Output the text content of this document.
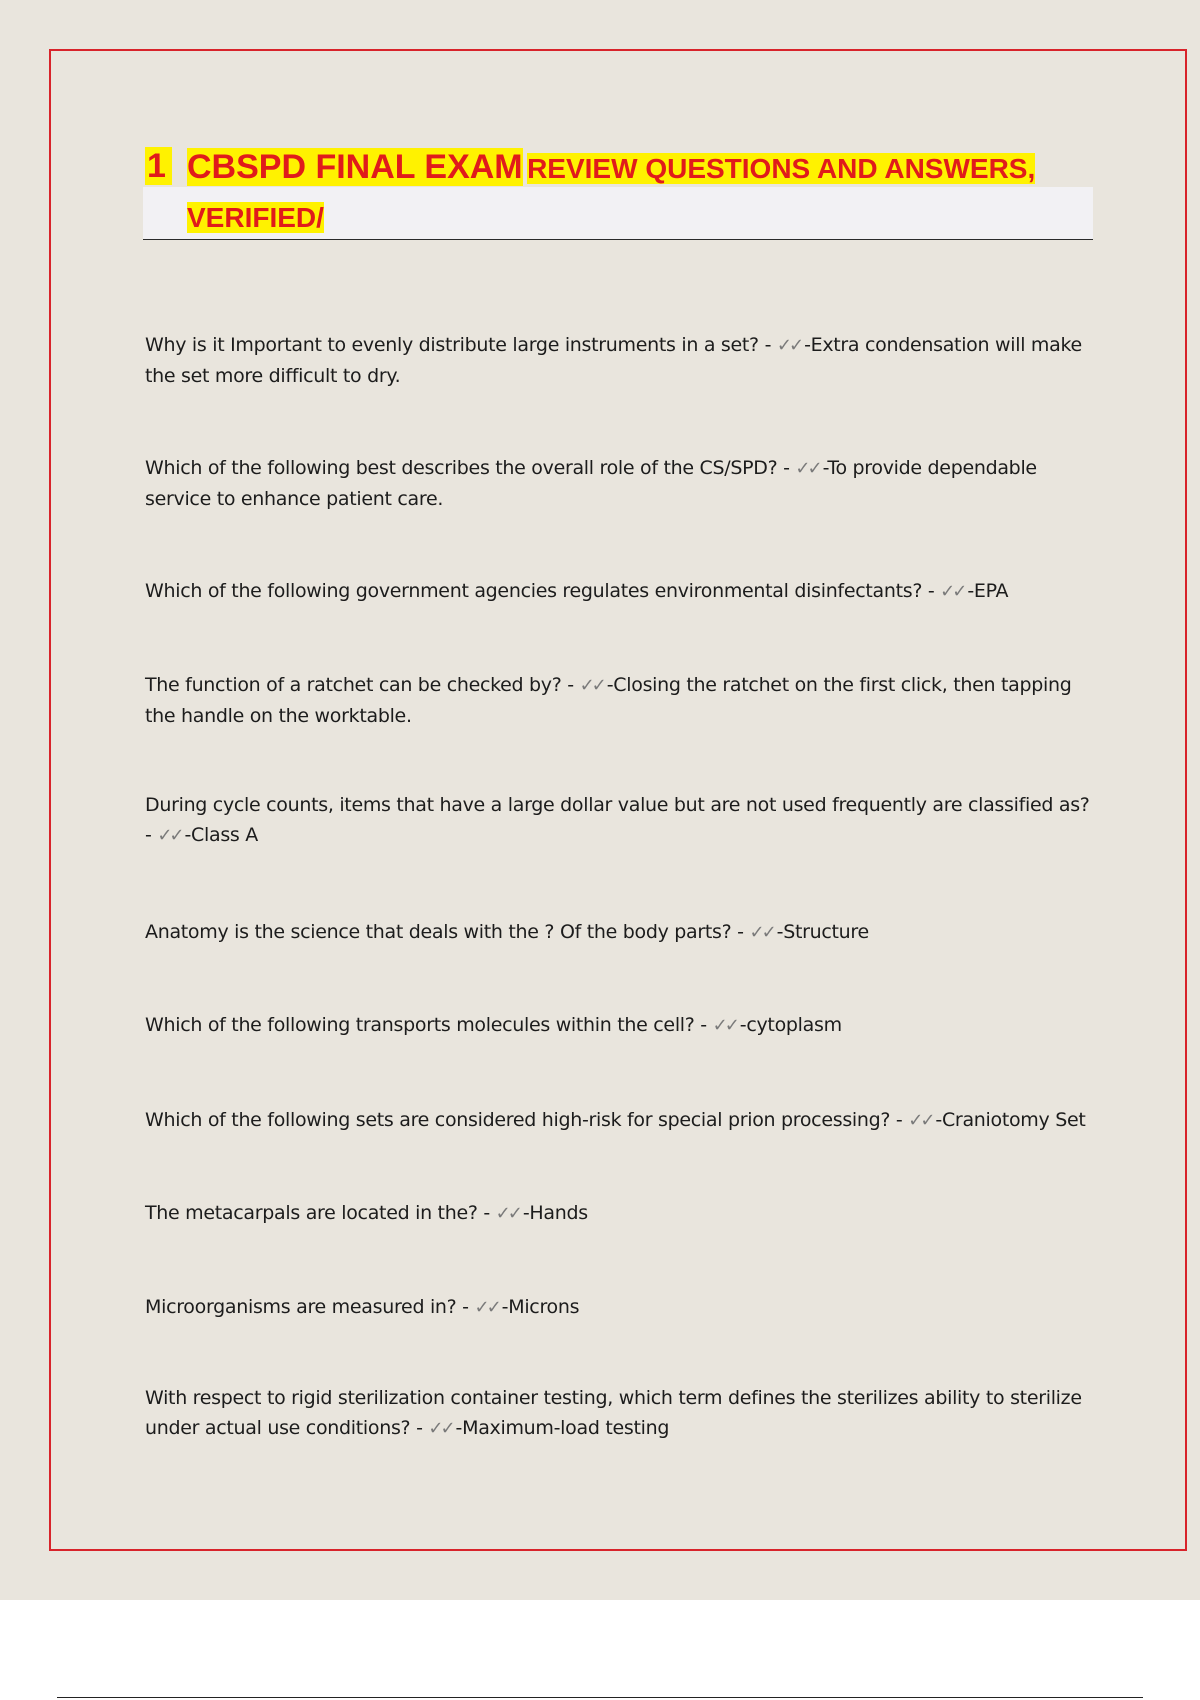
1 CBSPD FINAL EXAM REVIEW QUESTIONS AND ANSWERS,
VERIFIED/
Why is it Important to evenly distribute large instruments in a set? - ✓✓ -Extra condensation will make the set more difficult to dry.
Which of the following best describes the overall role of the CS/SPD? - ✓✓ -To provide dependable service to enhance patient care.
Which of the following government agencies regulates environmental disinfectants? - ✓✓ -EPA
The function of a ratchet can be checked by? - ✓✓ -Closing the ratchet on the first click, then tapping the handle on the worktable.
During cycle counts, items that have a large dollar value but are not used frequently are classified as? - ✓✓ -Class A
Anatomy is the science that deals with the ? Of the body parts? - ✓✓ -Structure
Which of the following transports molecules within the cell? - ✓✓ -cytoplasm
Which of the following sets are considered high-risk for special prion processing? - ✓✓ -Craniotomy Set
The metacarpals are located in the? - ✓✓ -Hands
Microorganisms are measured in? - ✓✓ -Microns
With respect to rigid sterilization container testing, which term defines the sterilizes ability to sterilize under actual use conditions? - ✓✓ -Maximum-load testing
